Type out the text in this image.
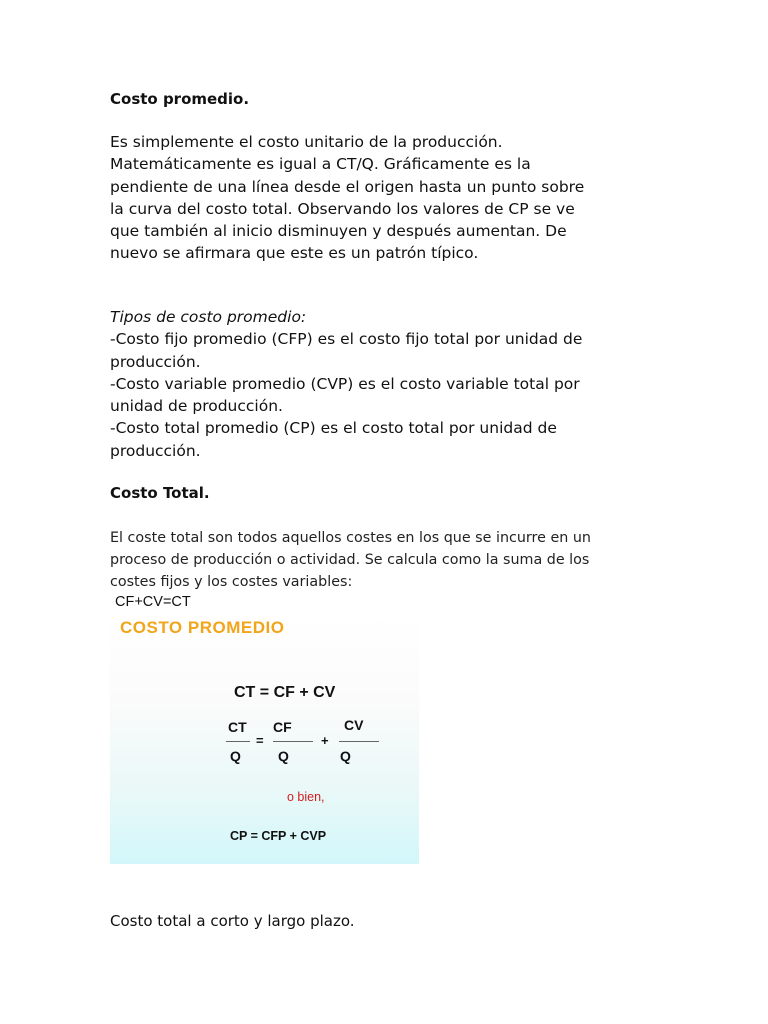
Costo promedio.

Es simplemente el costo unitario de la producción.
Matemáticamente es igual a CT/Q. Gráficamente es la
pendiente de una línea desde el origen hasta un punto sobre
la curva del costo total. Observando los valores de CP se ve
que también al inicio disminuyen y después aumentan. De
nuevo se afirmara que este es un patrón típico.

Tipos de costo promedio:
-Costo fijo promedio (CFP) es el costo fijo total por unidad de
producción.
-Costo variable promedio (CVP) es el costo variable total por
unidad de producción.
-Costo total promedio (CP) es el costo total por unidad de
producción.

Costo Total.

El coste total son todos aquellos costes en los que se incurre en un
proceso de producción o actividad. Se calcula como la suma de los
costes fijos y los costes variables:

CF+CV=CT
COSTO PROMEDIO
CT = CF + CV
CT
Q
=
CF
Q
+
CV
Q
o bien,
CP = CFP + CVP
Costo total a corto y largo plazo.
